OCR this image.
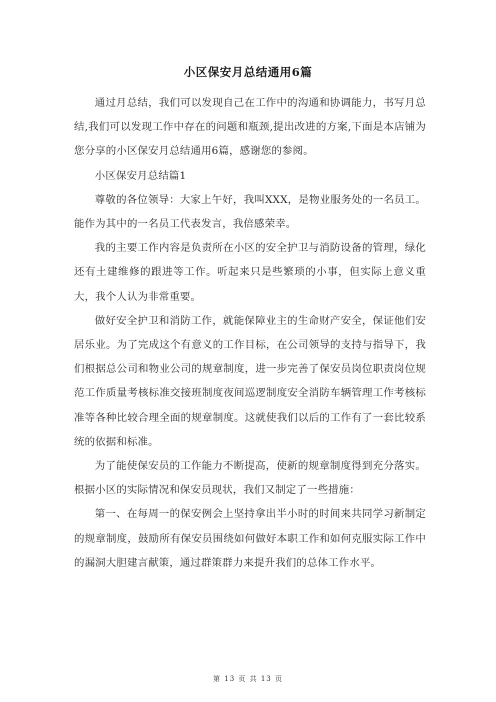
小区保安月总结通用6篇

通过月总结，我们可以发现自己在工作中的沟通和协调能力，书写月总结,我们可以发现工作中存在的问题和瓶颈,提出改进的方案,下面是本店铺为您分享的小区保安月总结通用6篇，感谢您的参阅。

小区保安月总结篇1

尊敬的各位领导：大家上午好，我叫XXX，是物业服务处的一名员工。能作为其中的一名员工代表发言，我倍感荣幸。

我的主要工作内容是负责所在小区的安全护卫与消防设备的管理，绿化还有土建维修的跟进等工作。听起来只是些繁琐的小事，但实际上意义重大，我个人认为非常重要。

做好安全护卫和消防工作，就能保障业主的生命财产安全，保证他们安居乐业。为了完成这个有意义的工作目标，在公司领导的支持与指导下，我们根据总公司和物业公司的规章制度，进一步完善了保安员岗位职责岗位规范工作质量考核标准交接班制度夜间巡逻制度安全消防车辆管理工作考核标准等各种比较合理全面的规章制度。这就使我们以后的工作有了一套比较系统的依据和标准。

为了能使保安员的工作能力不断提高，使新的规章制度得到充分落实。根据小区的实际情况和保安员现状，我们又制定了一些措施：

第一、在每周一的保安例会上坚持拿出半小时的时间来共同学习新制定的规章制度，鼓励所有保安员围绕如何做好本职工作和如何克服实际工作中的漏洞大胆建言献策，通过群策群力来提升我们的总体工作水平。

第 13 页 共 13 页
